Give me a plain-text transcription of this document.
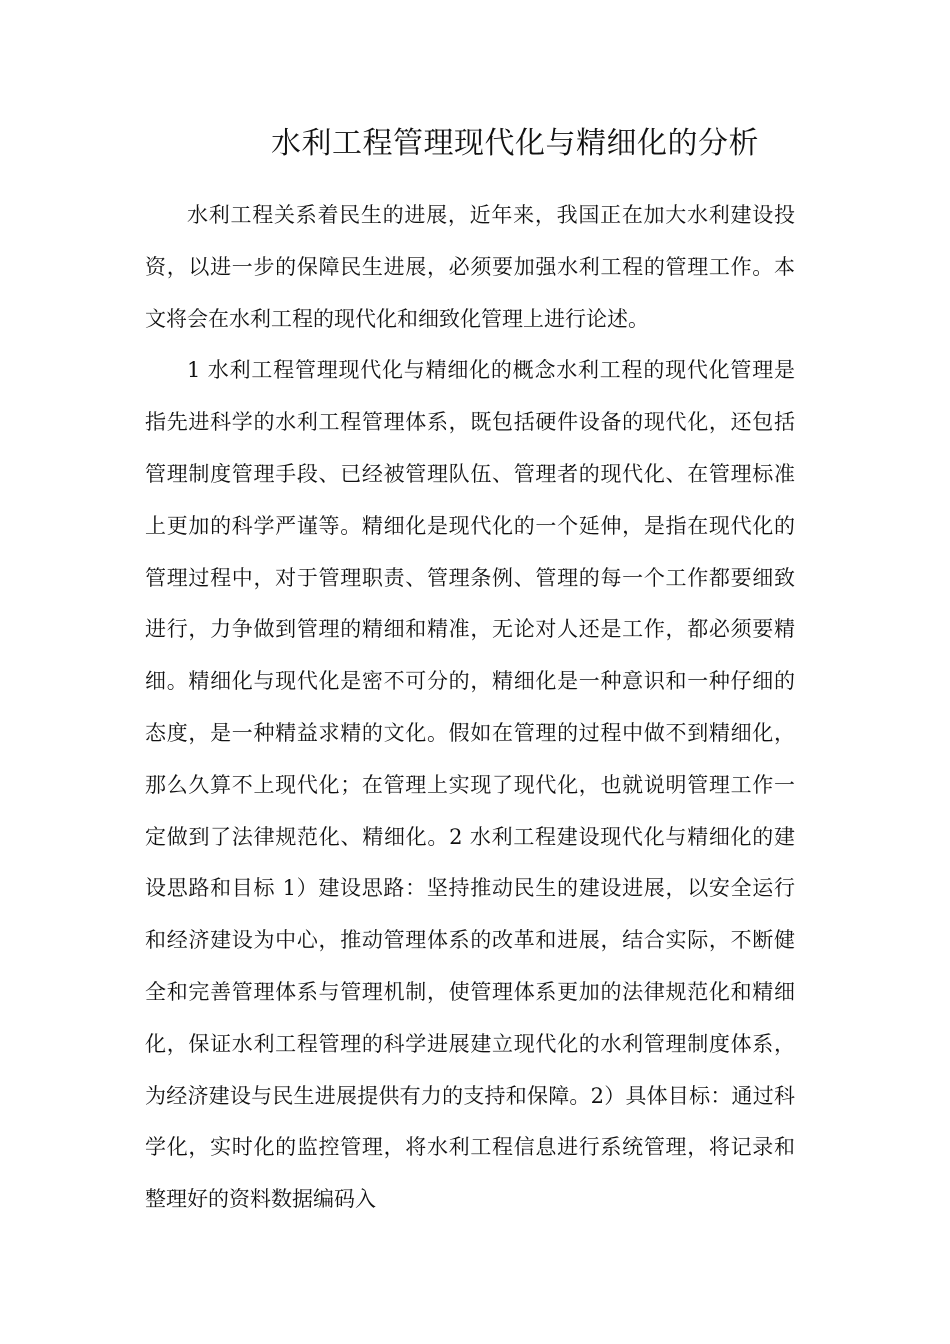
水利工程管理现代化与精细化的分析

水利工程关系着民生的进展，近年来，我国正在加大水利建设投资，以进一步的保障民生进展，必须要加强水利工程的管理工作。本文将会在水利工程的现代化和细致化管理上进行论述。

1 水利工程管理现代化与精细化的概念水利工程的现代化管理是指先进科学的水利工程管理体系，既包括硬件设备的现代化，还包括管理制度管理手段、已经被管理队伍、管理者的现代化、在管理标准上更加的科学严谨等。精细化是现代化的一个延伸，是指在现代化的管理过程中，对于管理职责、管理条例、管理的每一个工作都要细致进行，力争做到管理的精细和精准，无论对人还是工作，都必须要精细。精细化与现代化是密不可分的，精细化是一种意识和一种仔细的态度，是一种精益求精的文化。假如在管理的过程中做不到精细化，那么久算不上现代化；在管理上实现了现代化，也就说明管理工作一定做到了法律规范化、精细化。2 水利工程建设现代化与精细化的建设思路和目标 1）建设思路：坚持推动民生的建设进展，以安全运行和经济建设为中心，推动管理体系的改革和进展，结合实际，不断健全和完善管理体系与管理机制，使管理体系更加的法律规范化和精细化，保证水利工程管理的科学进展建立现代化的水利管理制度体系，为经济建设与民生进展提供有力的支持和保障。2）具体目标：通过科学化，实时化的监控管理，将水利工程信息进行系统管理，将记录和整理好的资料数据编码入
